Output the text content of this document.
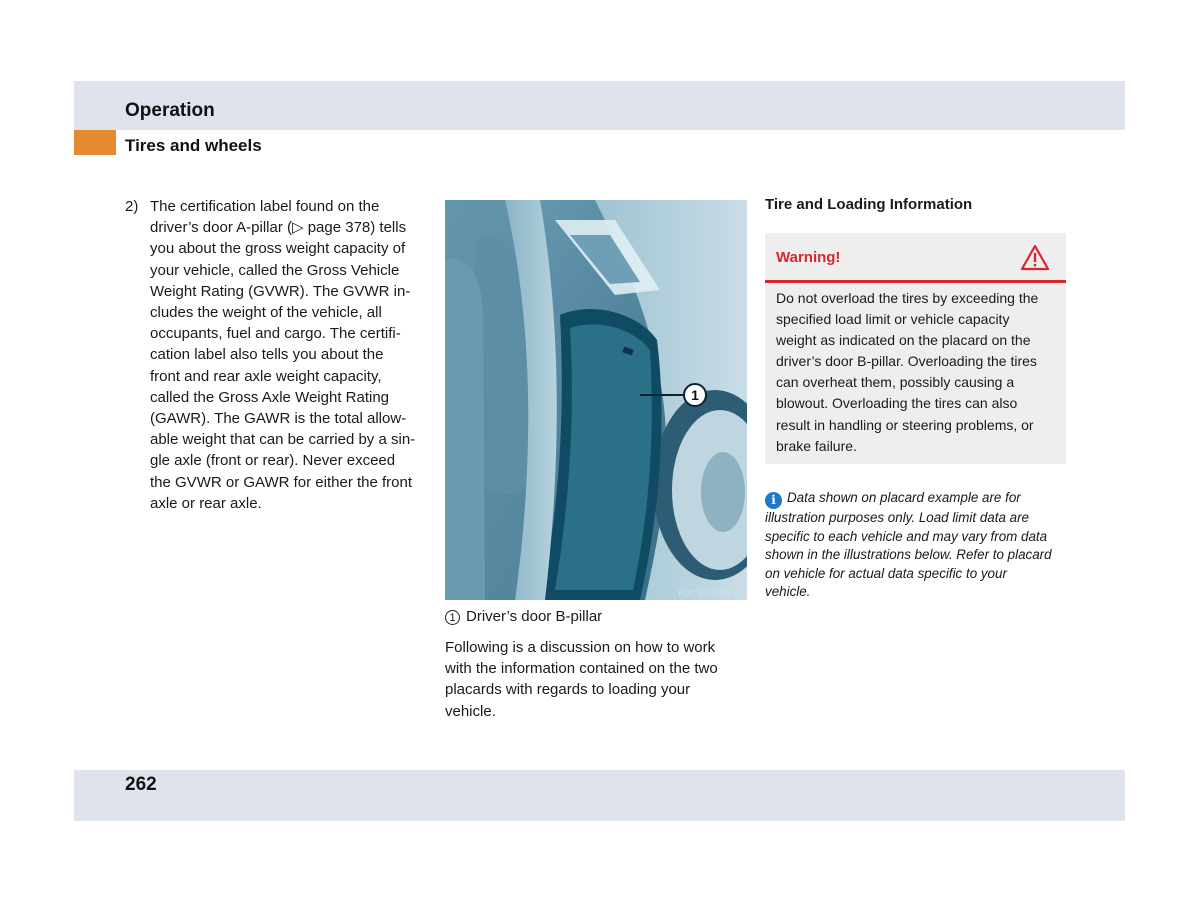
Operation
Tires and wheels
2) The certification label found on the
driver’s door A-pillar (▷ page 378) tells
you about the gross weight capacity of
your vehicle, called the Gross Vehicle
Weight Rating (GVWR). The GVWR in-
cludes the weight of the vehicle, all
occupants, fuel and cargo. The certifi-
cation label also tells you about the
front and rear axle weight capacity,
called the Gross Axle Weight Rating
(GAWR). The GAWR is the total allow-
able weight that can be carried by a sin-
gle axle (front or rear). Never exceed
the GVWR or GAWR for either the front
axle or rear axle.
1
P00.10-3674-31
1 Driver’s door B-pillar
Following is a discussion on how to work
with the information contained on the two
placards with regards to loading your
vehicle.
Tire and Loading Information
Warning!
Do not overload the tires by exceeding the
specified load limit or vehicle capacity
weight as indicated on the placard on the
driver’s door B-pillar. Overloading the tires
can overheat them, possibly causing a
blowout. Overloading the tires can also
result in handling or steering problems, or
brake failure.
i Data shown on placard example are for
illustration purposes only. Load limit data are
specific to each vehicle and may vary from data
shown in the illustrations below. Refer to placard
on vehicle for actual data specific to your
vehicle.
262
